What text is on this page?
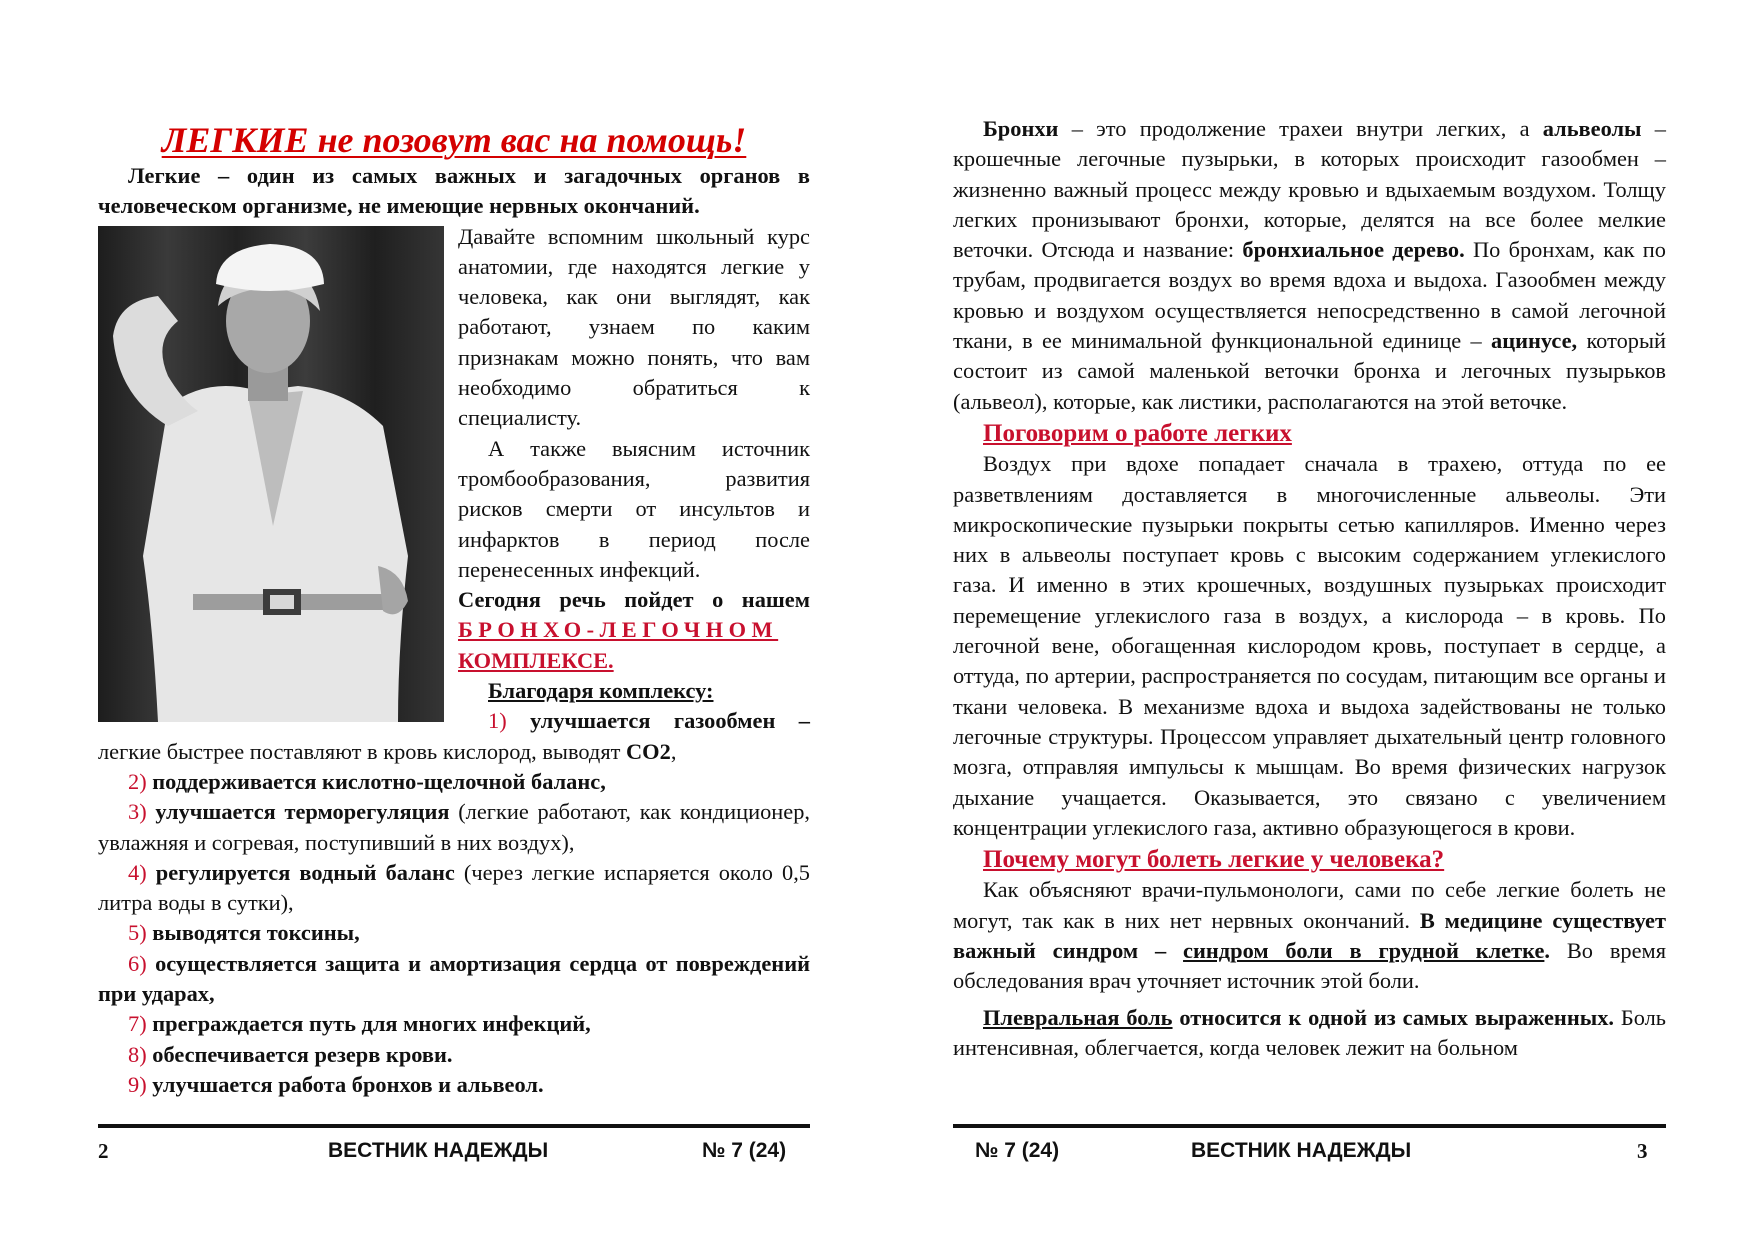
ЛЕГКИЕ не позовут вас на помощь!

Легкие – один из самых важных и загадочных органов в человеческом организме, не имеющие нервных окончаний.

Давайте вспомним школьный курс анатомии, где находятся легкие у человека, как они выглядят, как работают, узнаем по каким признакам можно понять, что вам необходимо обратиться к специалисту.

А также выясним источник тромбообразования, развития рисков смерти от инсультов и инфарктов в период после перенесенных инфекций.

Сегодня речь пойдет о нашем БРОНХО-ЛЕГОЧНОМ КОМПЛЕКСЕ.

Благодаря комплексу:

1) улучшается газообмен – легкие быстрее поставляют в кровь кислород, выводят СО2,

2) поддерживается кислотно-щелочной баланс,

3) улучшается терморегуляция (легкие работают, как кондиционер, увлажняя и согревая, поступивший в них воздух),

4) регулируется водный баланс (через легкие испаряется около 0,5 литра воды в сутки),

5) выводятся токсины,

6) осуществляется защита и амортизация сердца от повреждений при ударах,

7) преграждается путь для многих инфекций,

8) обеспечивается резерв крови.

9) улучшается работа бронхов и альвеол.

2	ВЕСТНИК НАДЕЖДЫ	№ 7 (24)

Бронхи – это продолжение трахеи внутри легких, а альвеолы – крошечные легочные пузырьки, в которых происходит газообмен – жизненно важный процесс между кровью и вдыхаемым воздухом. Толщу легких пронизывают бронхи, которые, делятся на все более мелкие веточки. Отсюда и название: бронхиальное дерево. По бронхам, как по трубам, продвигается воздух во время вдоха и выдоха. Газообмен между кровью и воздухом осуществляется непосредственно в самой легочной ткани, в ее минимальной функциональной единице – ацинусе, который состоит из самой маленькой веточки бронха и легочных пузырьков (альвеол), которые, как листики, располагаются на этой веточке.

Поговорим о работе легких

Воздух при вдохе попадает сначала в трахею, оттуда по ее разветвлениям доставляется в многочисленные альвеолы. Эти микроскопические пузырьки покрыты сетью капилляров. Именно через них в альвеолы поступает кровь с высоким содержанием углекислого газа. И именно в этих крошечных, воздушных пузырьках происходит перемещение углекислого газа в воздух, а кислорода – в кровь. По легочной вене, обогащенная кислородом кровь, поступает в сердце, а оттуда, по артерии, распространяется по сосудам, питающим все органы и ткани человека. В механизме вдоха и выдоха задействованы не только легочные структуры. Процессом управляет дыхательный центр головного мозга, отправляя импульсы к мышцам. Во время физических нагрузок дыхание учащается. Оказывается, это связано с увеличением концентрации углекислого газа, активно образующегося в крови.

Почему могут болеть легкие у человека?

Как объясняют врачи-пульмонологи, сами по себе легкие болеть не могут, так как в них нет нервных окончаний. В медицине существует важный синдром – синдром боли в грудной клетке. Во время обследования врач уточняет источник этой боли.

Плевральная боль относится к одной из самых выраженных. Боль интенсивная, облегчается, когда человек лежит на больном

№ 7 (24)	ВЕСТНИК НАДЕЖДЫ	3
